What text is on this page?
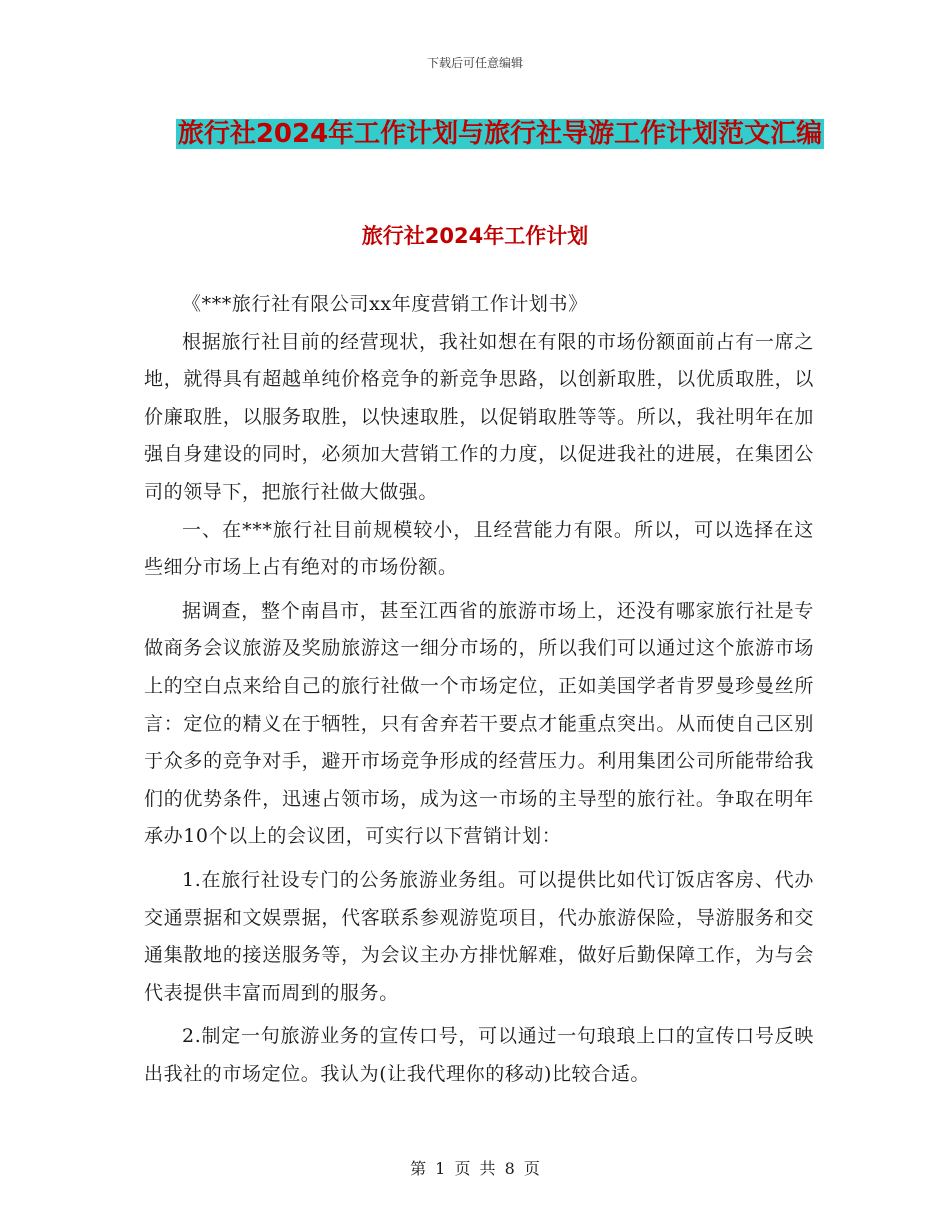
下载后可任意编辑
旅行社2024年工作计划与旅行社导游工作计划范文汇编
旅行社2024年工作计划

《***旅行社有限公司xx年度营销工作计划书》

根据旅行社目前的经营现状，我社如想在有限的市场份额面前占有一席之地，就得具有超越单纯价格竞争的新竞争思路，以创新取胜，以优质取胜，以价廉取胜，以服务取胜，以快速取胜，以促销取胜等等。所以，我社明年在加强自身建设的同时，必须加大营销工作的力度，以促进我社的进展，在集团公司的领导下，把旅行社做大做强。

一、在***旅行社目前规模较小，且经营能力有限。所以，可以选择在这些细分市场上占有绝对的市场份额。

据调查，整个南昌市，甚至江西省的旅游市场上，还没有哪家旅行社是专做商务会议旅游及奖励旅游这一细分市场的，所以我们可以通过这个旅游市场上的空白点来给自己的旅行社做一个市场定位，正如美国学者肯罗曼珍曼丝所言：定位的精义在于牺牲，只有舍弃若干要点才能重点突出。从而使自己区别于众多的竞争对手，避开市场竞争形成的经营压力。利用集团公司所能带给我们的优势条件，迅速占领市场，成为这一市场的主导型的旅行社。争取在明年承办10个以上的会议团，可实行以下营销计划：

1.在旅行社设专门的公务旅游业务组。可以提供比如代订饭店客房、代办交通票据和文娱票据，代客联系参观游览项目，代办旅游保险，导游服务和交通集散地的接送服务等，为会议主办方排忧解难，做好后勤保障工作，为与会代表提供丰富而周到的服务。

2.制定一句旅游业务的宣传口号，可以通过一句琅琅上口的宣传口号反映出我社的市场定位。我认为(让我代理你的移动)比较合适。

第 1 页 共 8 页
